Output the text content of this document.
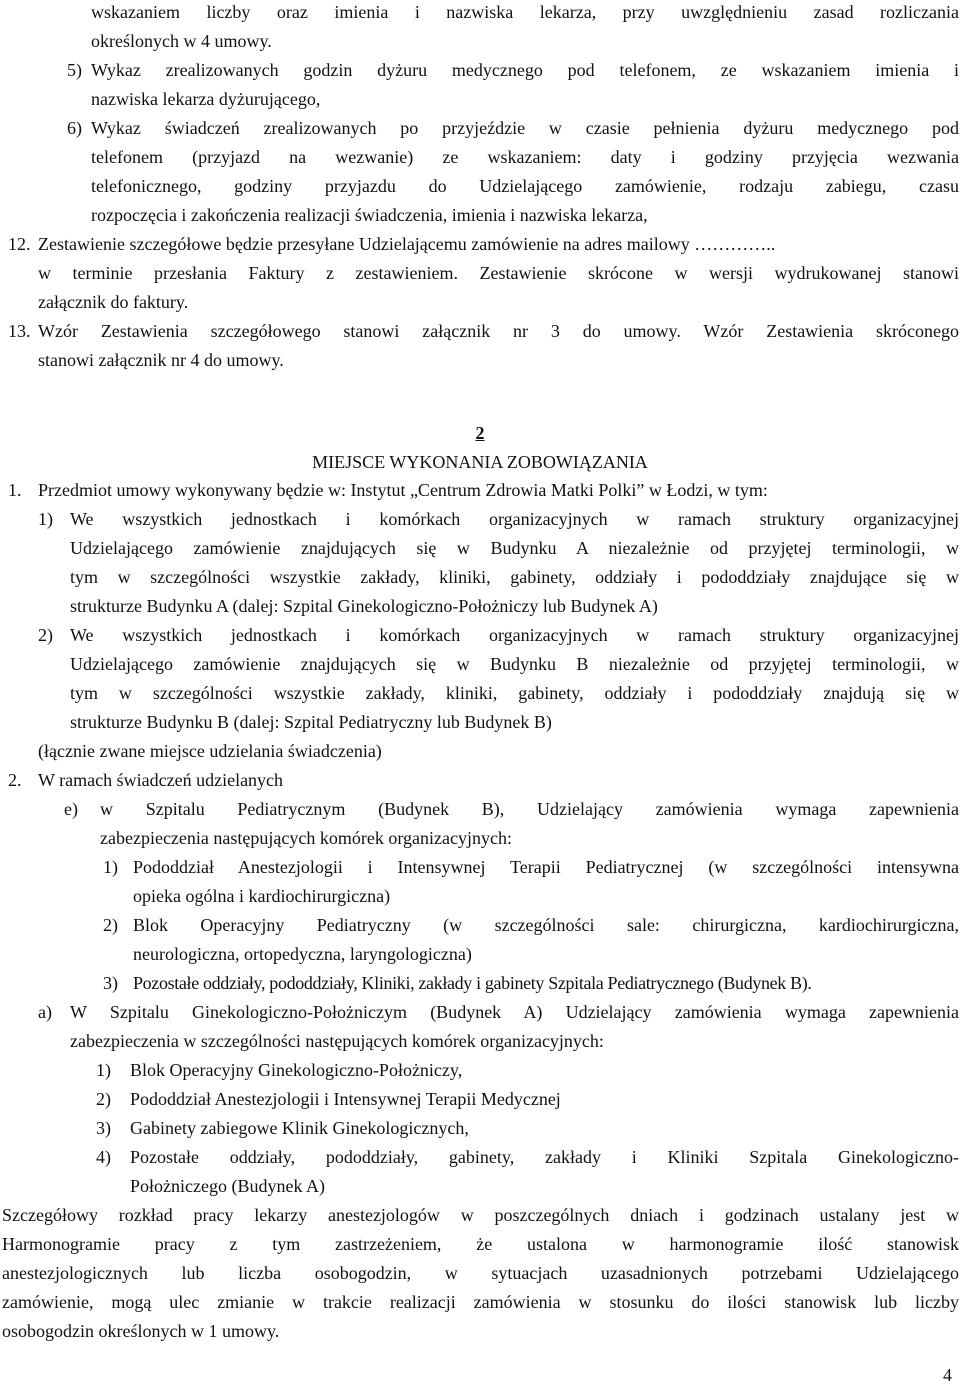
wskazaniem liczby oraz imienia i nazwiska lekarza, przy uwzględnieniu zasad rozliczania
określonych w 4 umowy.
5) Wykaz zrealizowanych godzin dyżuru medycznego pod telefonem, ze wskazaniem imienia i
nazwiska lekarza dyżurującego,
6) Wykaz świadczeń zrealizowanych po przyjeździe w czasie pełnienia dyżuru medycznego pod
telefonem (przyjazd na wezwanie) ze wskazaniem: daty i godziny przyjęcia wezwania
telefonicznego, godziny przyjazdu do Udzielającego zamówienie, rodzaju zabiegu, czasu
rozpoczęcia i zakończenia realizacji świadczenia, imienia i nazwiska lekarza,
12. Zestawienie szczegółowe będzie przesyłane Udzielającemu zamówienie na adres mailowy …………..
w terminie przesłania Faktury z zestawieniem. Zestawienie skrócone w wersji wydrukowanej stanowi
załącznik do faktury.
13. Wzór Zestawienia szczegółowego stanowi załącznik nr 3 do umowy. Wzór Zestawienia skróconego
stanowi załącznik nr 4 do umowy.
2
MIEJSCE WYKONANIA ZOBOWIĄZANIA
1. Przedmiot umowy wykonywany będzie w: Instytut „Centrum Zdrowia Matki Polki” w Łodzi, w tym:
1) We wszystkich jednostkach i komórkach organizacyjnych w ramach struktury organizacyjnej
Udzielającego zamówienie znajdujących się w Budynku A niezależnie od przyjętej terminologii, w
tym w szczególności wszystkie zakłady, kliniki, gabinety, oddziały i pododdziały znajdujące się w
strukturze Budynku A (dalej: Szpital Ginekologiczno-Położniczy lub Budynek A)
2) We wszystkich jednostkach i komórkach organizacyjnych w ramach struktury organizacyjnej
Udzielającego zamówienie znajdujących się w Budynku B niezależnie od przyjętej terminologii, w
tym w szczególności wszystkie zakłady, kliniki, gabinety, oddziały i pododdziały znajdują się w
strukturze Budynku B (dalej: Szpital Pediatryczny lub Budynek B)
(łącznie zwane miejsce udzielania świadczenia)
2. W ramach świadczeń udzielanych
e) w Szpitalu Pediatrycznym (Budynek B), Udzielający zamówienia wymaga zapewnienia
zabezpieczenia następujących komórek organizacyjnych:
1) Pododdział Anestezjologii i Intensywnej Terapii Pediatrycznej (w szczególności intensywna
opieka ogólna i kardiochirurgiczna)
2) Blok Operacyjny Pediatryczny (w szczególności sale: chirurgiczna, kardiochirurgiczna,
neurologiczna, ortopedyczna, laryngologiczna)
3) Pozostałe oddziały, pododdziały, Kliniki, zakłady i gabinety Szpitala Pediatrycznego (Budynek B).
a) W Szpitalu Ginekologiczno-Położniczym (Budynek A) Udzielający zamówienia wymaga zapewnienia
zabezpieczenia w szczególności następujących komórek organizacyjnych:
1) Blok Operacyjny Ginekologiczno-Położniczy,
2) Pododdział Anestezjologii i Intensywnej Terapii Medycznej
3) Gabinety zabiegowe Klinik Ginekologicznych,
4) Pozostałe oddziały, pododdziały, gabinety, zakłady i Kliniki Szpitala Ginekologiczno-
Położniczego (Budynek A)
Szczegółowy rozkład pracy lekarzy anestezjologów w poszczególnych dniach i godzinach ustalany jest w
Harmonogramie pracy z tym zastrzeżeniem, że ustalona w harmonogramie ilość stanowisk
anestezjologicznych lub liczba osobogodzin, w sytuacjach uzasadnionych potrzebami Udzielającego
zamówienie, mogą ulec zmianie w trakcie realizacji zamówienia w stosunku do ilości stanowisk lub liczby
osobogodzin określonych w 1 umowy.
4
